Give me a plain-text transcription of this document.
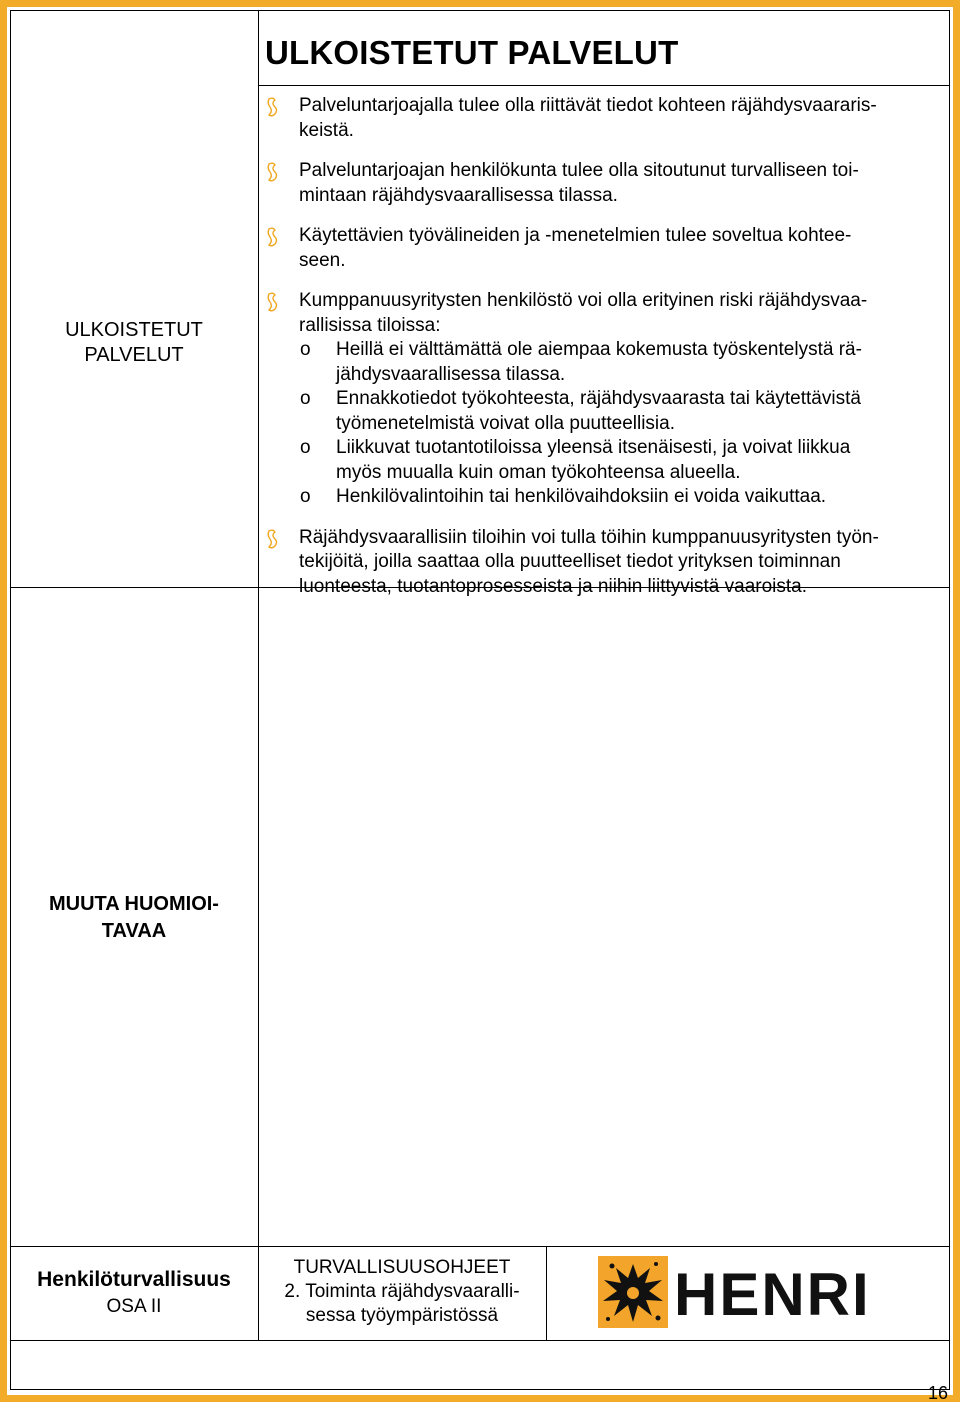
ULKOISTETUT PALVELUT
ULKOISTETUT
PALVELUT
Palveluntarjoajalla tulee olla riittävät tiedot kohteen räjähdysvaararis-
keistä.
Palveluntarjoajan henkilökunta tulee olla sitoutunut turvalliseen toi-
mintaan räjähdysvaarallisessa tilassa.
Käytettävien työvälineiden ja -menetelmien tulee soveltua kohtee-
seen.
Kumppanuusyritysten henkilöstö voi olla erityinen riski räjähdysvaa-
rallisissa tiloissa:
o Heillä ei välttämättä ole aiempaa kokemusta työskentelystä rä-
jähdysvaarallisessa tilassa.
o Ennakkotiedot työkohteesta, räjähdysvaarasta tai käytettävistä
työmenetelmistä voivat olla puutteellisia.
o Liikkuvat tuotantotiloissa yleensä itsenäisesti, ja voivat liikkua
myös muualla kuin oman työkohteensa alueella.
o Henkilövalintoihin tai henkilövaihdoksiin ei voida vaikuttaa.
Räjähdysvaarallisiin tiloihin voi tulla töihin kumppanuusyritysten työn-
tekijöitä, joilla saattaa olla puutteelliset tiedot yrityksen toiminnan
luonteesta, tuotantoprosesseista ja niihin liittyvistä vaaroista.
MUUTA HUOMIOI-
TAVAA
Henkilöturvallisuus
OSA II
TURVALLISUUSOHJEET
2. Toiminta räjähdysvaaralli-
sessa työympäristössä	HENRI
16
